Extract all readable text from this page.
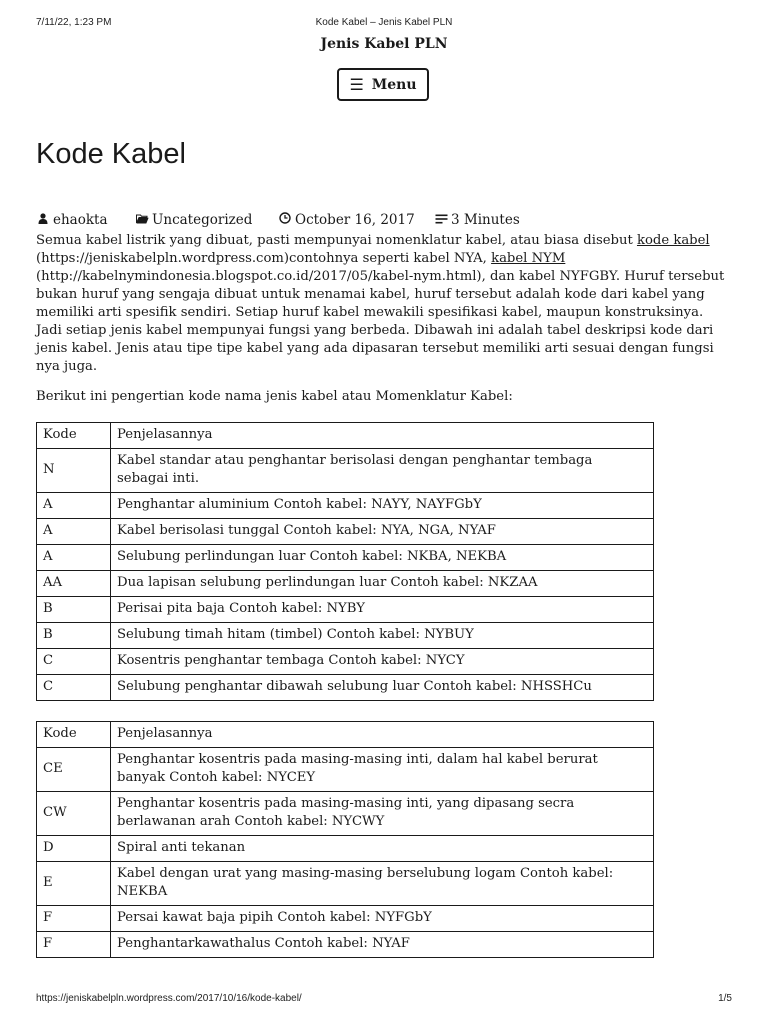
7/11/22, 1:23 PM	Kode Kabel – Jenis Kabel PLN
Jenis Kabel PLN
☰ Menu
Kode Kabel
ehaokta	Uncategorized	October 16, 2017	3 Minutes

Semua kabel listrik yang dibuat, pasti mempunyai nomenklatur kabel, atau biasa disebut kode kabel (https://jeniskabelpln.wordpress.com)contohnya seperti kabel NYA, kabel NYM (http://kabelnymindonesia.blogspot.co.id/2017/05/kabel-nym.html), dan kabel NYFGBY. Huruf tersebut bukan huruf yang sengaja dibuat untuk menamai kabel, huruf tersebut adalah kode dari kabel yang memiliki arti spesifik sendiri. Setiap huruf kabel mewakili spesifikasi kabel, maupun konstruksinya. Jadi setiap jenis kabel mempunyai fungsi yang berbeda. Dibawah ini adalah tabel deskripsi kode dari jenis kabel. Jenis atau tipe tipe kabel yang ada dipasaran tersebut memiliki arti sesuai dengan fungsi nya juga.

Berikut ini pengertian kode nama jenis kabel atau Momenklatur Kabel:

Kode	Penjelasannya
N	Kabel standar atau penghantar berisolasi dengan penghantar tembaga sebagai inti.
A	Penghantar aluminium Contoh kabel: NAYY, NAYFGbY
A	Kabel berisolasi tunggal Contoh kabel: NYA, NGA, NYAF
A	Selubung perlindungan luar Contoh kabel: NKBA, NEKBA
AA	Dua lapisan selubung perlindungan luar Contoh kabel: NKZAA
B	Perisai pita baja Contoh kabel: NYBY
B	Selubung timah hitam (timbel) Contoh kabel: NYBUY
C	Kosentris penghantar tembaga Contoh kabel: NYCY
C	Selubung penghantar dibawah selubung luar Contoh kabel: NHSSHCu
Kode	Penjelasannya
CE	Penghantar kosentris pada masing-masing inti, dalam hal kabel berurat banyak Contoh kabel: NYCEY
CW	Penghantar kosentris pada masing-masing inti, yang dipasang secra berlawanan arah Contoh kabel: NYCWY
D	Spiral anti tekanan
E	Kabel dengan urat yang masing-masing berselubung logam Contoh kabel: NEKBA
F	Persai kawat baja pipih Contoh kabel: NYFGbY
F	Penghantarkawathalus Contoh kabel: NYAF
https://jeniskabelpln.wordpress.com/2017/10/16/kode-kabel/	1/5
